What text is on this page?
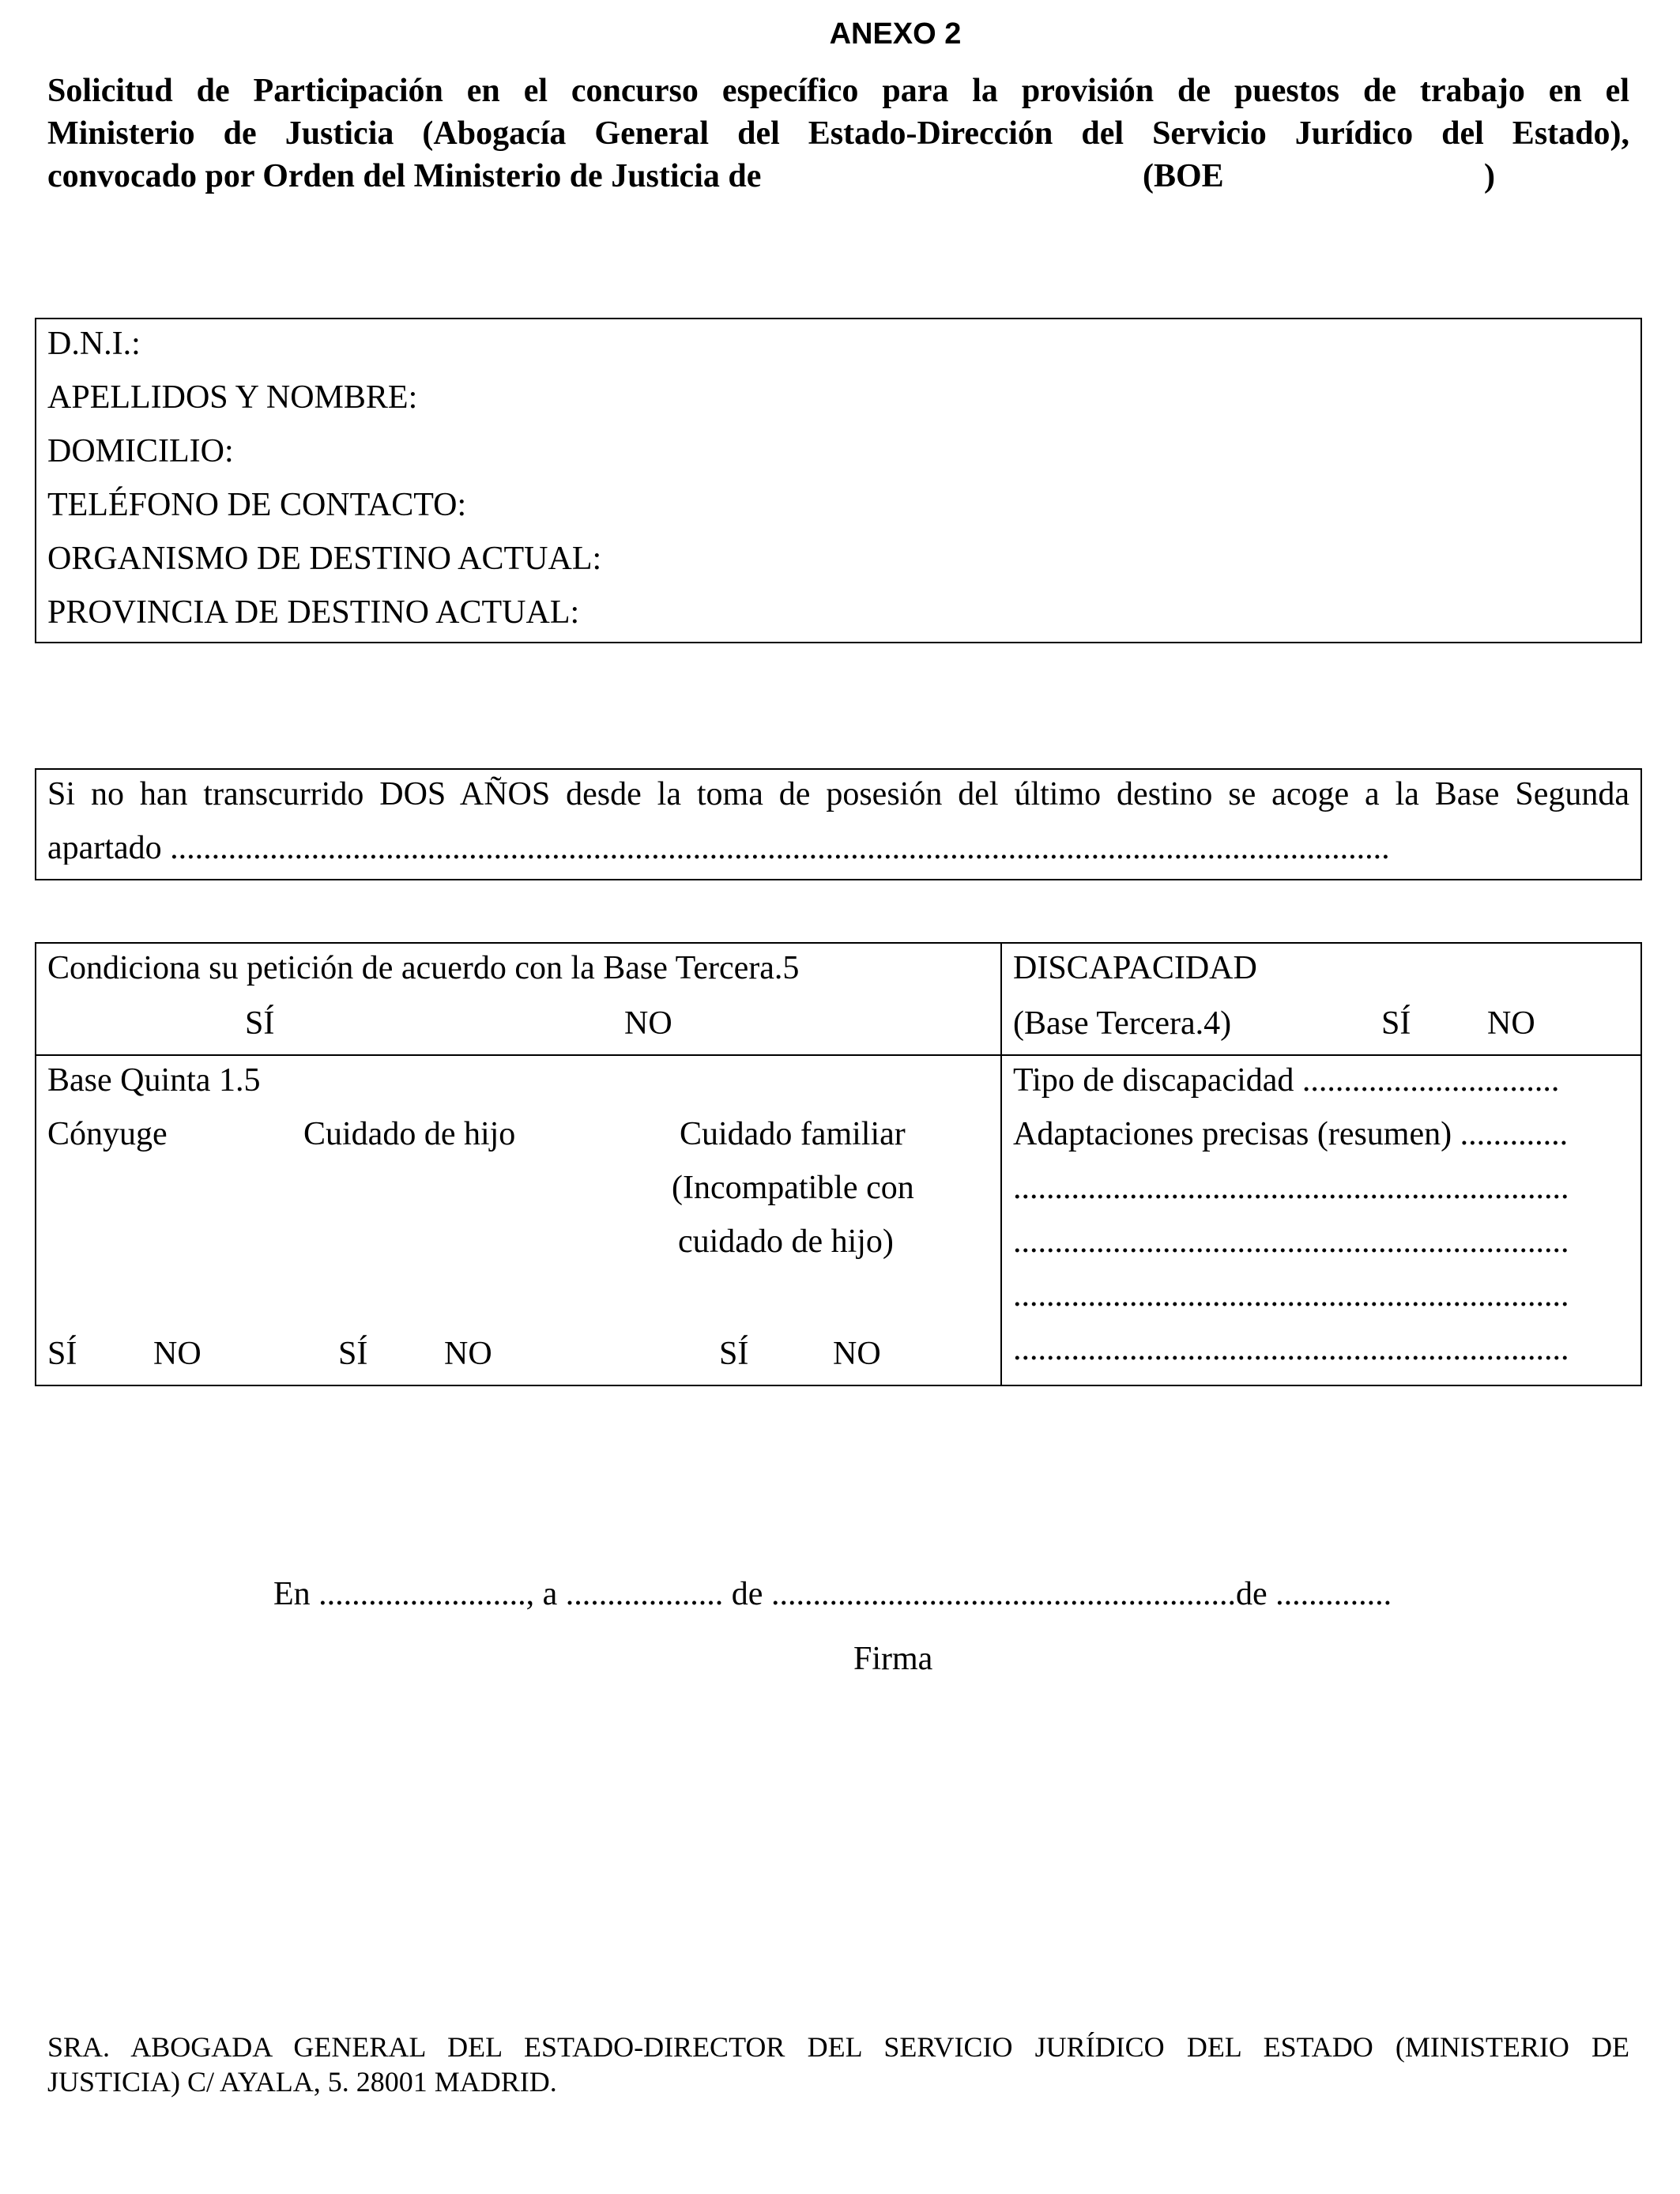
ANEXO 2
Solicitud de Participación en el concurso específico para la provisión de puestos de trabajo en el
Ministerio de Justicia (Abogacía General del Estado-Dirección del Servicio Jurídico del Estado),
convocado por Orden del Ministerio de Justicia de	(BOE	)
D.N.I.:
APELLIDOS Y NOMBRE:
DOMICILIO:
TELÉFONO DE CONTACTO:
ORGANISMO DE DESTINO ACTUAL:
PROVINCIA DE DESTINO ACTUAL:
Si no han transcurrido DOS AÑOS desde la toma de posesión del último destino se acoge a la Base Segunda
apartado ...................................................................................................................................................
Condiciona su petición de acuerdo con la Base Tercera.5
SÍ	NO
DISCAPACIDAD
(Base Tercera.4)	SÍ NO
Base Quinta 1.5
Cónyuge	Cuidado de hijo	Cuidado familiar
(Incompatible con
cuidado de hijo)
SÍ NO	SÍ NO	SÍ	NO
Tipo de discapacidad ...............................
Adaptaciones precisas (resumen) .............
...................................................................
...................................................................
...................................................................
...................................................................
En ........................., a ................... de ........................................................de ..............
Firma
SRA. ABOGADA GENERAL DEL ESTADO-DIRECTOR DEL SERVICIO JURÍDICO DEL ESTADO (MINISTERIO DE
JUSTICIA) C/ AYALA, 5. 28001 MADRID.
